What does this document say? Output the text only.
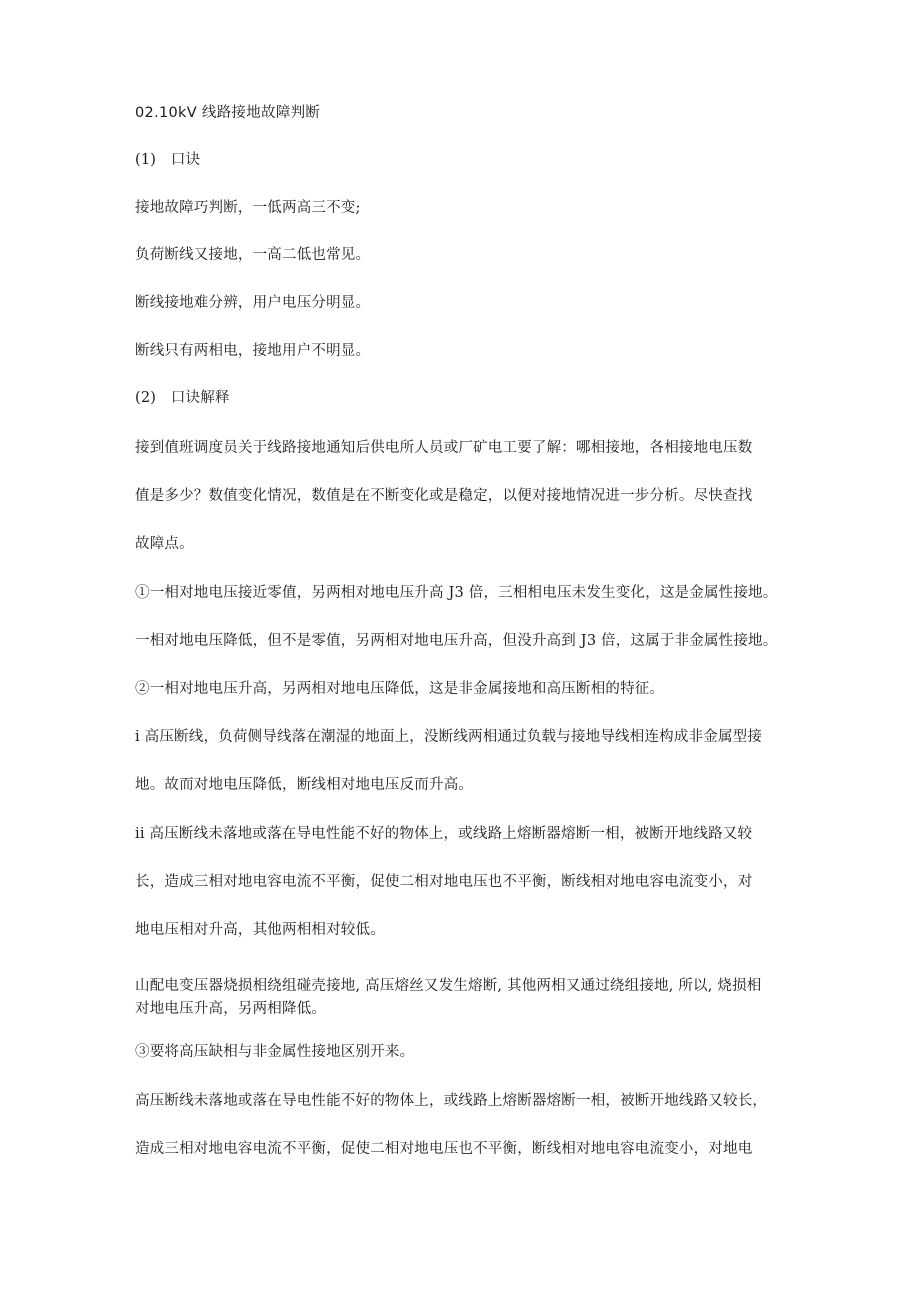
02.10kV 线路接地故障判断
(1)　口诀
接地故障巧判断，一低两高三不变;
负荷断线又接地，一高二低也常见。
断线接地难分辨，用户电压分明显。
断线只有两相电，接地用户不明显。
(2)　口诀解释
接到值班调度员关于线路接地通知后供电所人员或厂矿电工要了解：哪相接地，各相接地电压数
值是多少？数值变化情况，数值是在不断变化或是稳定，以便对接地情况进一步分析。尽快查找
故障点。
①一相对地电压接近零值，另两相对地电压升高 J3 倍，三相相电压未发生变化，这是金属性接地。
一相对地电压降低，但不是零值，另两相对地电压升高，但没升高到 J3 倍，这属于非金属性接地。
②一相对地电压升高，另两相对地电压降低，这是非金属接地和高压断相的特征。
i 高压断线，负荷侧导线落在潮湿的地面上，没断线两相通过负载与接地导线相连构成非金属型接
地。故而对地电压降低，断线相对地电压反而升高。
ii 高压断线未落地或落在导电性能不好的物体上，或线路上熔断器熔断一相，被断开地线路又较
长，造成三相对地电容电流不平衡，促使二相对地电压也不平衡，断线相对地电容电流变小，对
地电压相对升高，其他两相相对较低。
山配电变压器烧损相绕组碰壳接地, 高压熔丝又发生熔断, 其他两相又通过绕组接地, 所以, 烧损相
对地电压升高，另两相降低。
③要将高压缺相与非金属性接地区别开来。
高压断线未落地或落在导电性能不好的物体上，或线路上熔断器熔断一相，被断开地线路又较长，
造成三相对地电容电流不平衡，促使二相对地电压也不平衡，断线相对地电容电流变小，对地电
